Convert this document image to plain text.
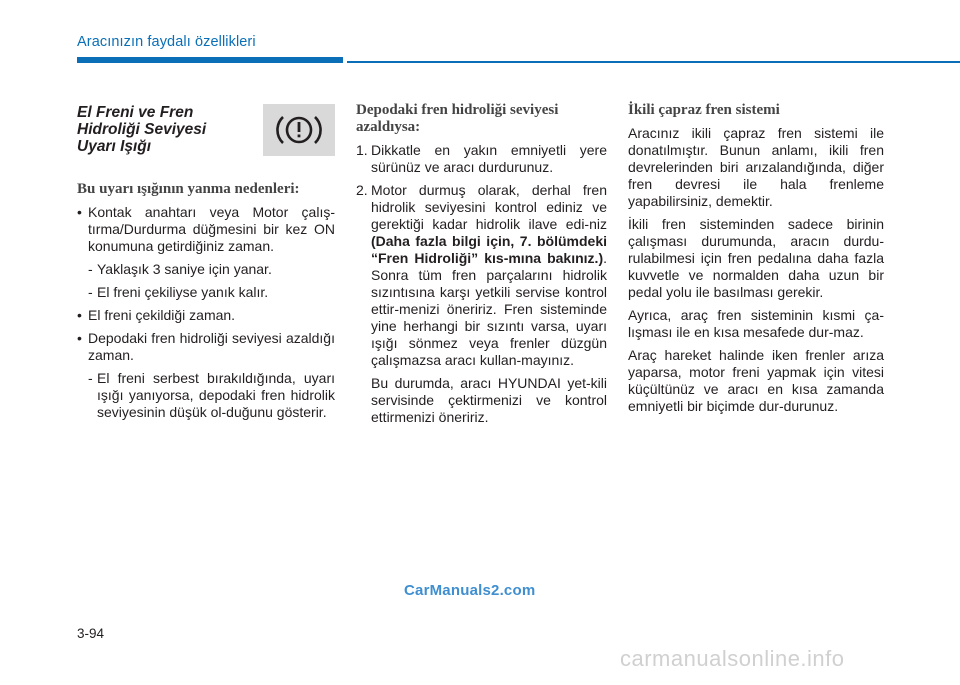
Aracınızın faydalı özellikleri
El Freni ve Fren Hidroliği Seviyesi Uyarı Işığı
Bu uyarı ışığının yanma nedenleri:
• Kontak anahtarı veya Motor çalış-tırma/Durdurma düğmesini bir kez ON konumuna getirdiğiniz zaman.
- Yaklaşık 3 saniye için yanar.
- El freni çekiliyse yanık kalır.
• El freni çekildiği zaman.
• Depodaki fren hidroliği seviyesi azaldığı zaman.
- El freni serbest bırakıldığında, uyarı ışığı yanıyorsa, depodaki fren hidrolik seviyesinin düşük ol-duğunu gösterir.
Depodaki fren hidroliği seviyesi azaldıysa:
1. Dikkatle en yakın emniyetli yere sürünüz ve aracı durdurunuz.
2. Motor durmuş olarak, derhal fren hidrolik seviyesini kontrol ediniz ve gerektiği kadar hidrolik ilave edi-niz (Daha fazla bilgi için, 7. bölümdeki “Fren Hidroliği” kıs-mına bakınız.). Sonra tüm fren parçalarını hidrolik sızıntısına karşı yetkili servise kontrol ettir-menizi öneririz. Fren sisteminde yine herhangi bir sızıntı varsa, uyarı ışığı sönmez veya frenler düzgün çalışmazsa aracı kullan-mayınız.
Bu durumda, aracı HYUNDAI yet-kili servisinde çektirmenizi ve kontrol ettirmenizi öneririz.
İkili çapraz fren sistemi
Aracınız ikili çapraz fren sistemi ile donatılmıştır. Bunun anlamı, ikili fren devrelerinden biri arızalandığında, diğer fren devresi ile hala frenleme yapabilirsiniz, demektir.
İkili fren sisteminden sadece birinin çalışması durumunda, aracın durdu-rulabilmesi için fren pedalına daha fazla kuvvetle ve normalden daha uzun bir pedal yolu ile basılması gerekir.
Ayrıca, araç fren sisteminin kısmi ça-lışması ile en kısa mesafede dur-maz.
Araç hareket halinde iken frenler arıza yaparsa, motor freni yapmak için vitesi küçültünüz ve aracı en kısa zamanda emniyetli bir biçimde dur-durunuz.
CarManuals2.com
3-94
carmanualsonline.info
